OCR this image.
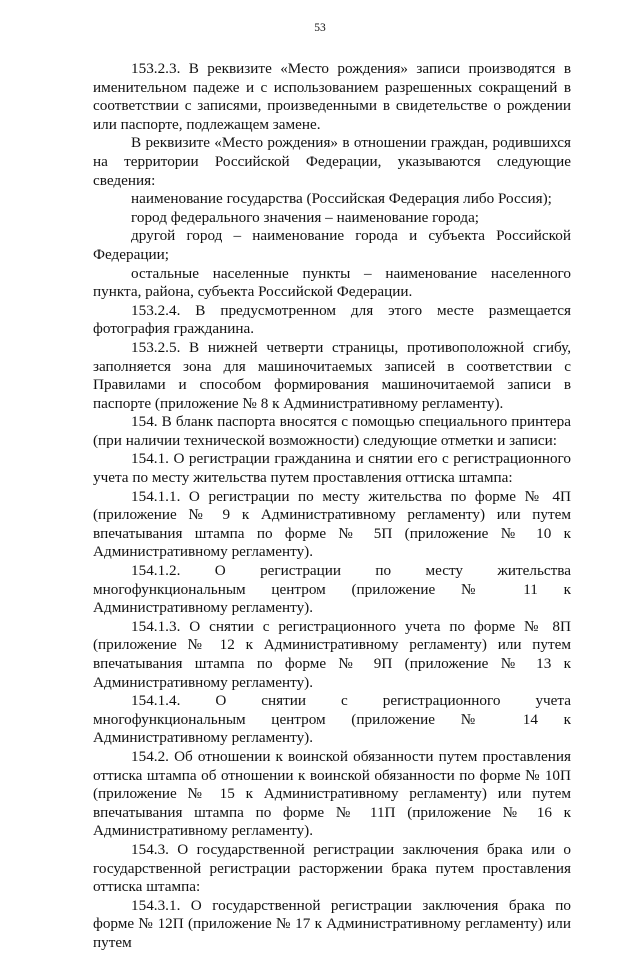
53

153.2.3. В реквизите «Место рождения» записи производятся в именительном падеже и с использованием разрешенных сокращений в соответствии с записями, произведенными в свидетельстве о рождении или паспорте, подлежащем замене.

В реквизите «Место рождения» в отношении граждан, родившихся на территории Российской Федерации, указываются следующие сведения:

наименование государства (Российская Федерация либо Россия);

город федерального значения – наименование города;

другой город – наименование города и субъекта Российской Федерации;

остальные населенные пункты – наименование населенного пункта, района, субъекта Российской Федерации.

153.2.4. В предусмотренном для этого месте размещается фотография гражданина.

153.2.5. В нижней четверти страницы, противоположной сгибу, заполняется зона для машиночитаемых записей в соответствии с Правилами и способом формирования машиночитаемой записи в паспорте (приложение № 8 к Административному регламенту).

154. В бланк паспорта вносятся с помощью специального принтера (при наличии технической возможности) следующие отметки и записи:

154.1. О регистрации гражданина и снятии его с регистрационного учета по месту жительства путем проставления оттиска штампа:

154.1.1. О регистрации по месту жительства по форме № 4П (приложение № 9 к Административному регламенту) или путем впечатывания штампа по форме № 5П (приложение № 10 к Административному регламенту).

154.1.2. О регистрации по месту жительства многофункциональным центром (приложение № 11 к Административному регламенту).

154.1.3. О снятии с регистрационного учета по форме № 8П (приложение № 12 к Административному регламенту) или путем впечатывания штампа по форме № 9П (приложение № 13 к Административному регламенту).

154.1.4. О снятии с регистрационного учета многофункциональным центром (приложение № 14 к Административному регламенту).

154.2. Об отношении к воинской обязанности путем проставления оттиска штампа об отношении к воинской обязанности по форме № 10П (приложение № 15 к Административному регламенту) или путем впечатывания штампа по форме № 11П (приложение № 16 к Административному регламенту).

154.3. О государственной регистрации заключения брака или о государственной регистрации расторжении брака путем проставления оттиска штампа:

154.3.1. О государственной регистрации заключения брака по форме № 12П (приложение № 17 к Административному регламенту) или путем
